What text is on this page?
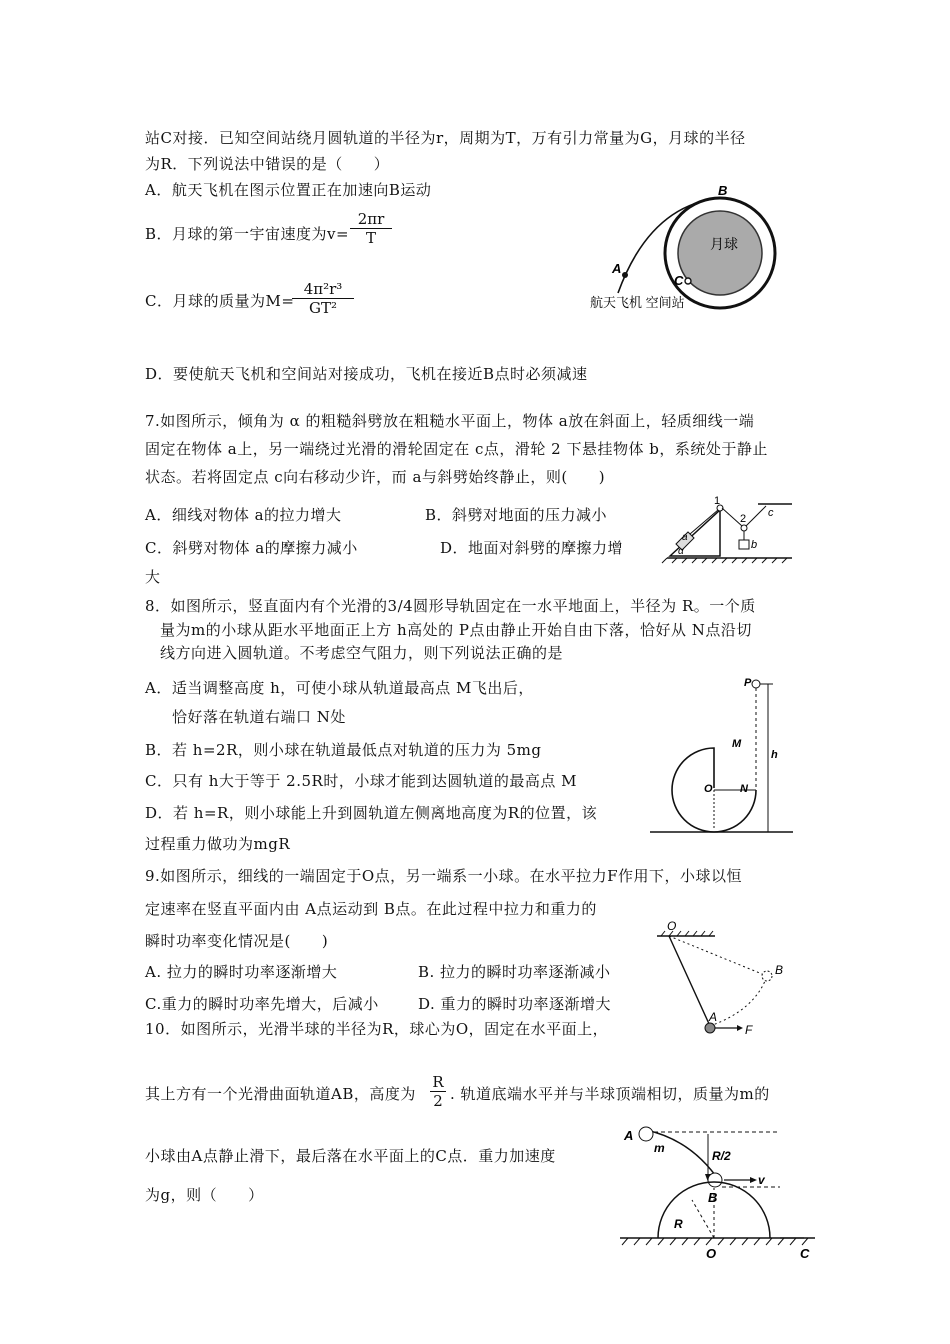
站C对接．已知空间站绕月圆轨道的半径为r，周期为T，万有引力常量为G，月球的半径
为R．下列说法中错误的是（　　）
A．航天飞机在图示位置正在加速向B运动
B．月球的第一宇宙速度为$v= \frac{2\pi r}{T}$
C．月球的质量为M=
$\frac{\text{4π²r³}}{\text{GT²}}$
D．要使航天飞机和空间站对接成功，飞机在接近B点时必须减速
B
A
C
月球
航天飞机 空间站
7.如图所示，倾角为 α 的粗糙斜劈放在粗糙水平面上，物体 a放在斜面上，轻质细线一端
固定在物体 a上，另一端绕过光滑的滑轮固定在 c点，滑轮 2 下悬挂物体 b，系统处于静止
状态。若将固定点 c向右移动少许，而 a与斜劈始终静止，则(　　)
A．细线对物体 a的拉力增大	B．斜劈对地面的压力减小
C．斜劈对物体 a的摩擦力减小	D．地面对斜劈的摩擦力增
大
1
2 c
a
α
b
8．如图所示，竖直面内有个光滑的3/4圆形导轨固定在一水平地面上，半径为 R。一个质
量为m的小球从距水平地面正上方 h高处的 P点由静止开始自由下落，恰好从 N点沿切
线方向进入圆轨道。不考虑空气阻力，则下列说法正确的是
A．适当调整高度 h，可使小球从轨道最高点 M飞出后，
恰好落在轨道右端口 N处
B．若 h=2R，则小球在轨道最低点对轨道的压力为 5mg
C．只有 h大于等于 2.5R时，小球才能到达圆轨道的最高点 M
D．若 h=R，则小球能上升到圆轨道左侧离地高度为R的位置，该
过程重力做功为mgR
P
M
O N
h
9.如图所示，细线的一端固定于O点，另一端系一小球。在水平拉力F作用下，小球以恒
定速率在竖直平面内由 A点运动到 B点。在此过程中拉力和重力的
瞬时功率变化情况是(　　)
A. 拉力的瞬时功率逐渐增大	B. 拉力的瞬时功率逐渐减小
C.重力的瞬时功率先增大，后减小	D. 重力的瞬时功率逐渐增大
O
A
B
F
10．如图所示，光滑半球的半径为R，球心为O，固定在水平面上，
其上方有一个光滑曲面轨道AB，高度为 $\frac{R}{2}$ . 轨道底端水平并与半球顶端相切，质量为m的
小球由A点静止滑下，最后落在水平面上的C点．重力加速度
为g，则（　　）
A
m
R/2
v
B
R
O	C
